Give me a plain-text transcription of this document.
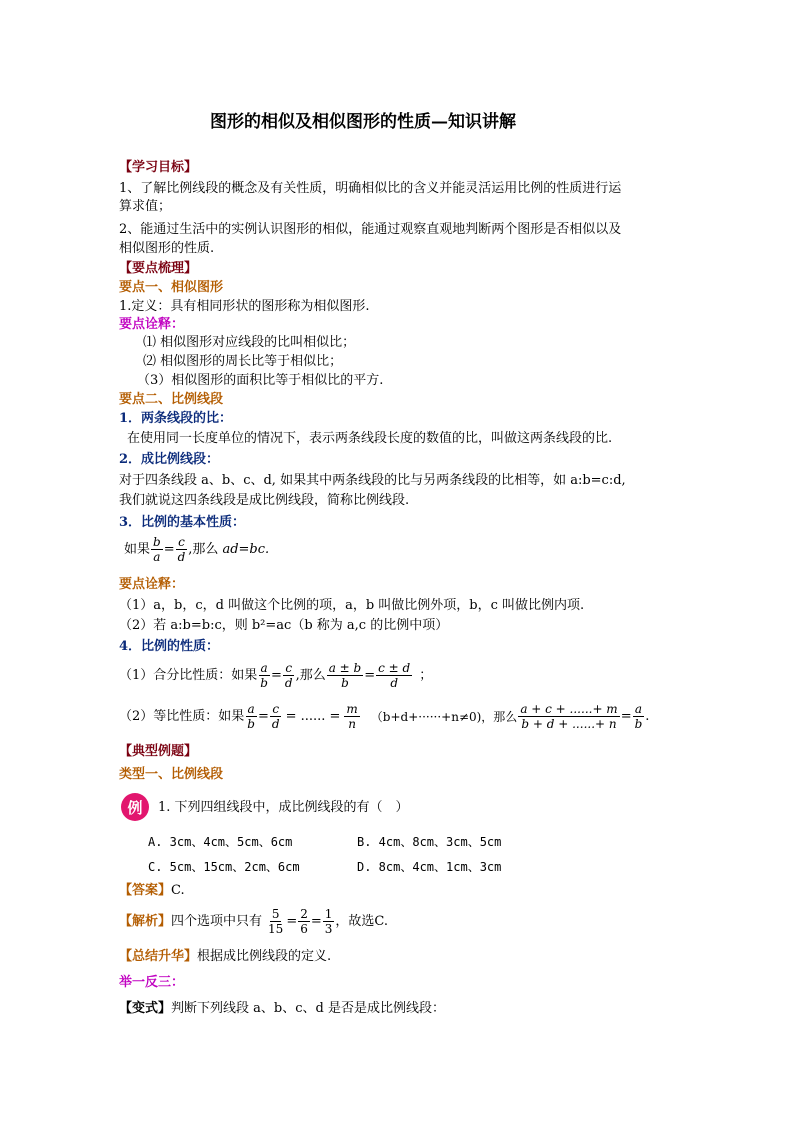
图形的相似及相似图形的性质—知识讲解
【学习目标】
1、了解比例线段的概念及有关性质，明确相似比的含义并能灵活运用比例的性质进行运
算求值；
2、能通过生活中的实例认识图形的相似，能通过观察直观地判断两个图形是否相似以及
相似图形的性质.
【要点梳理】
要点一、相似图形
1.定义：具有相同形状的图形称为相似图形.
要点诠释：
⑴ 相似图形对应线段的比叫相似比；
⑵ 相似图形的周长比等于相似比；
（3）相似图形的面积比等于相似比的平方.
要点二、比例线段
1．两条线段的比：
在使用同一长度单位的情况下，表示两条线段长度的数值的比，叫做这两条线段的比.
2．成比例线段：
对于四条线段 a、b、c、d, 如果其中两条线段的比与另两条线段的比相等，如 a:b=c:d,
我们就说这四条线段是成比例线段，简称比例线段.
3．比例的基本性质：
如果 $\frac{b}{a} = \frac{c}{d}$ ,那么 ad=bc.
要点诠释：
（1）a，b，c，d 叫做这个比例的项，a，b 叫做比例外项，b，c 叫做比例内项.
（2）若 a:b=b:c，则 b²=ac（b 称为 a,c 的比例中项）
4．比例的性质：
（1）合分比性质：如果 $\frac{a}{b} = \frac{c}{d}$ ,那么 $\frac{a \pm b}{b} = \frac{c \pm d}{d}$ ；
（2）等比性质：如果 $\frac{a}{b} = \frac{c}{d}$ = ...... = $\frac{m}{n} (b+d+\cdot\cdot\cdot\cdot\cdot\cdot+n\ne 0)$，那么 $\frac{a + c + ......+ m}{b + d + ......+ n} = \frac{a}{b}$ .
【典型例题】
类型一、比例线段
例	1. 下列四组线段中，成比例线段的有（　）
A. 3cm、4cm、5cm、6cm	B. 4cm、8cm、3cm、5cm
C. 5cm、15cm、2cm、6cm	D. 8cm、4cm、1cm、3cm
【答案】C.
【解析】 四个选项中只有 $\frac{5}{15} = \frac{2}{6} = \frac{1}{3}$ ，故选C.
【总结升华】根据成比例线段的定义.
举一反三：
【变式】判断下列线段 a、b、c、d 是否是成比例线段：
